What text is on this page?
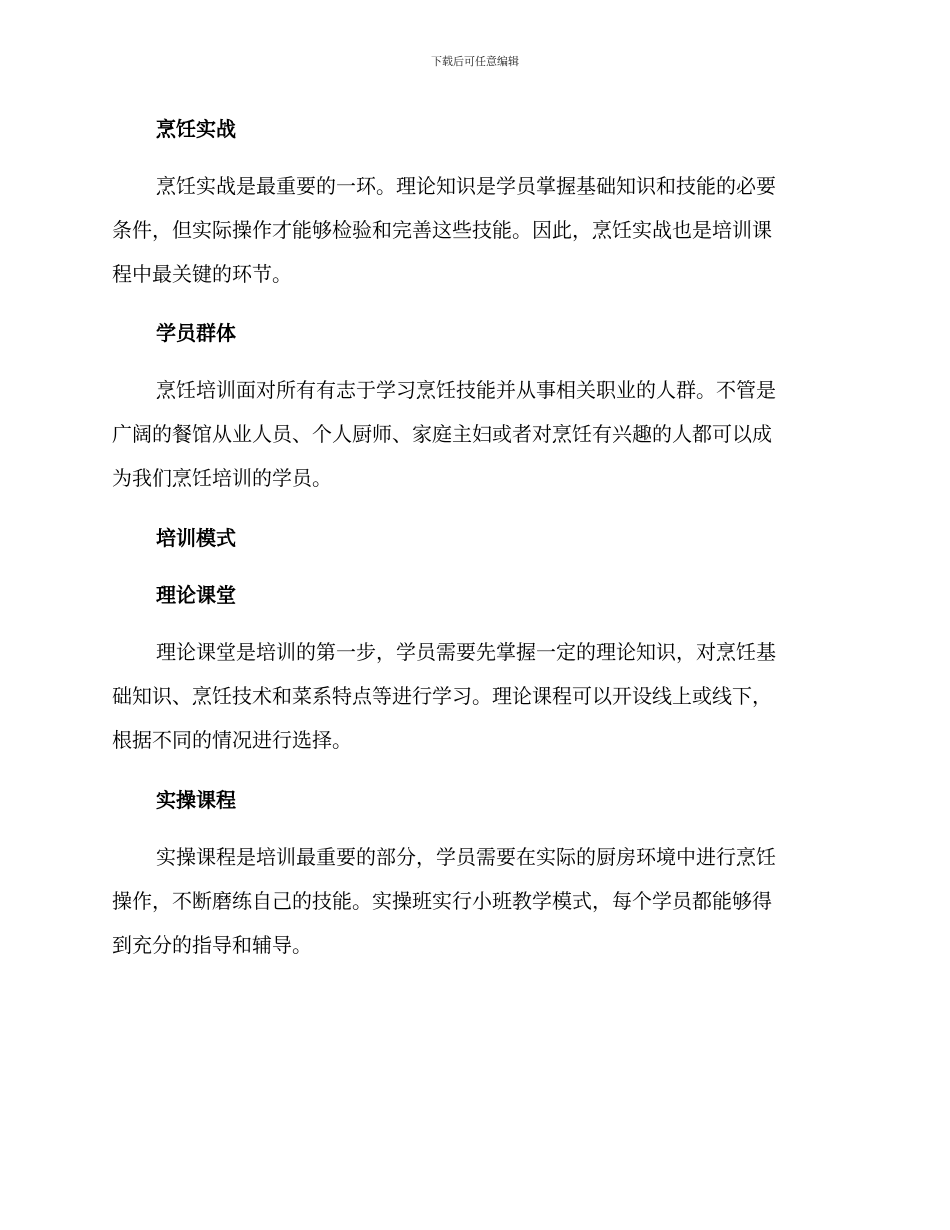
下载后可任意编辑
烹饪实战
烹饪实战是最重要的一环。理论知识是学员掌握基础知识和技能的必要
条件，但实际操作才能够检验和完善这些技能。因此，烹饪实战也是培训课
程中最关键的环节。
学员群体
烹饪培训面对所有有志于学习烹饪技能并从事相关职业的人群。不管是
广阔的餐馆从业人员、个人厨师、家庭主妇或者对烹饪有兴趣的人都可以成
为我们烹饪培训的学员。
培训模式
理论课堂
理论课堂是培训的第一步，学员需要先掌握一定的理论知识，对烹饪基
础知识、烹饪技术和菜系特点等进行学习。理论课程可以开设线上或线下，
根据不同的情况进行选择。
实操课程
实操课程是培训最重要的部分，学员需要在实际的厨房环境中进行烹饪
操作，不断磨练自己的技能。实操班实行小班教学模式，每个学员都能够得
到充分的指导和辅导。
